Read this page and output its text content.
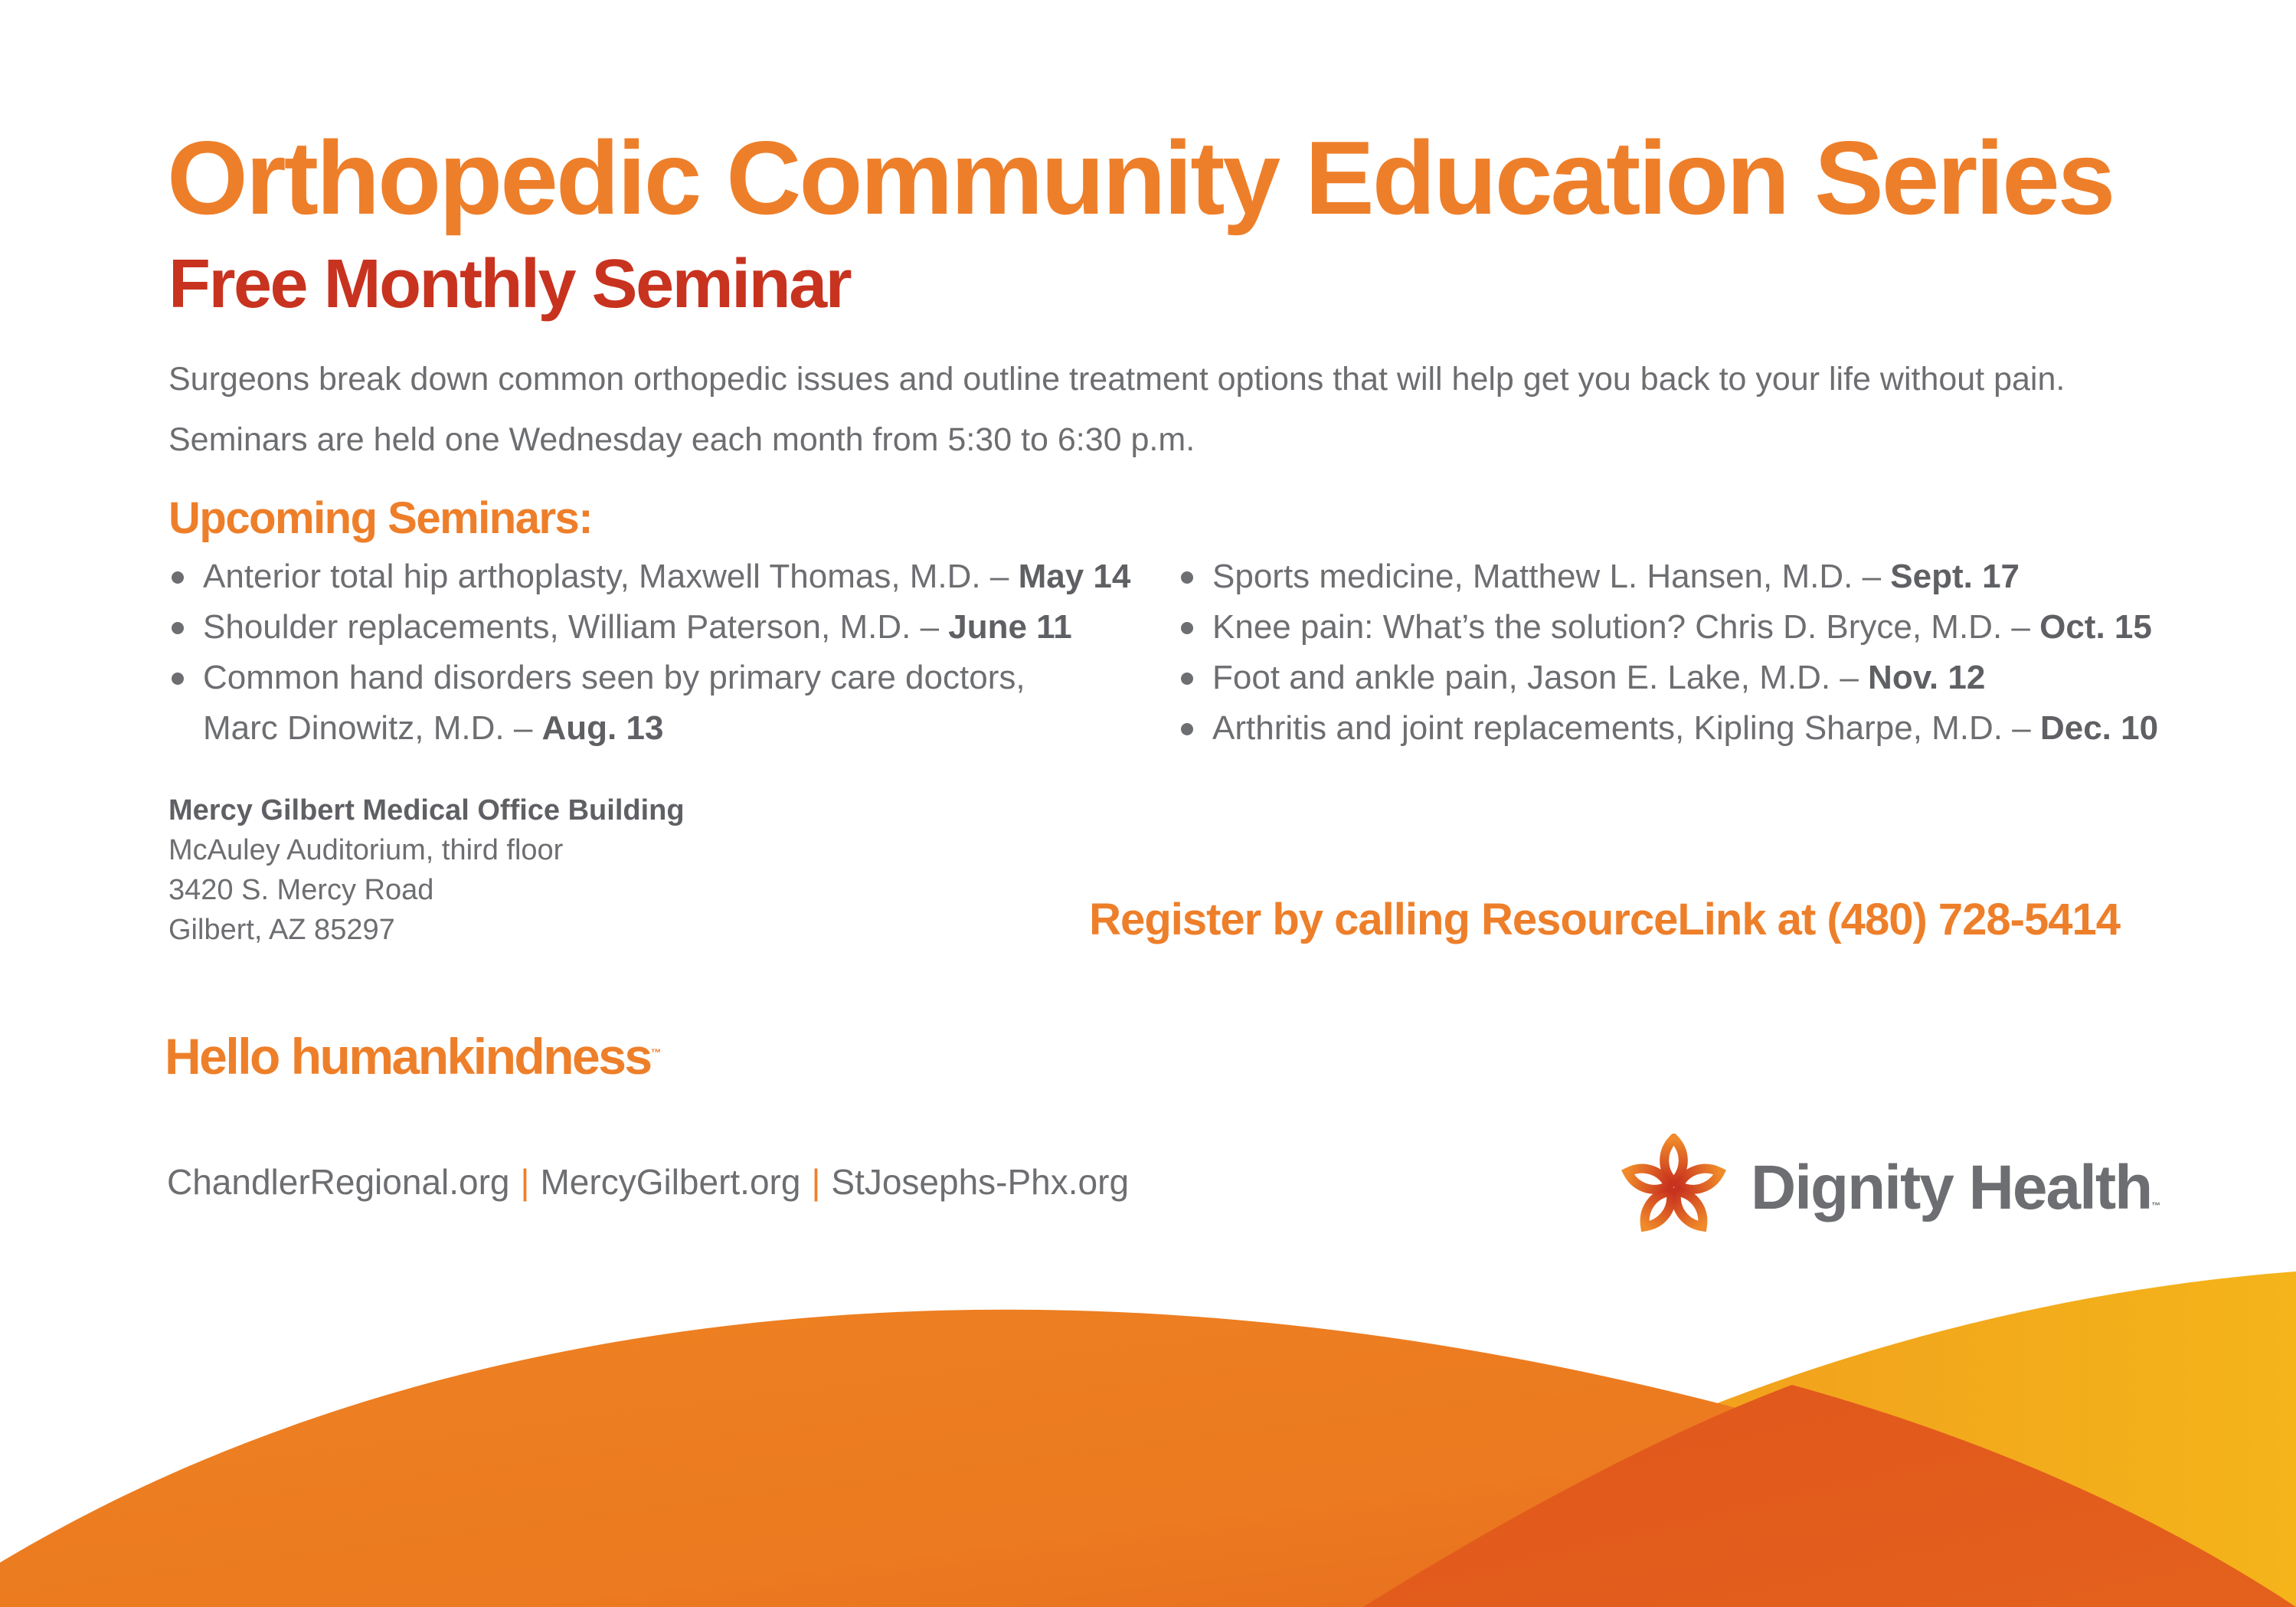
Orthopedic Community Education Series
Free Monthly Seminar
Surgeons break down common orthopedic issues and outline treatment options that will help get you back to your life without pain.
Seminars are held one Wednesday each month from 5:30 to 6:30 p.m.
Upcoming Seminars:
Anterior total hip arthoplasty, Maxwell Thomas, M.D. – May 14
Shoulder replacements, William Paterson, M.D. – June 11
Common hand disorders seen by primary care doctors,
Marc Dinowitz, M.D. – Aug. 13
Sports medicine, Matthew L. Hansen, M.D. – Sept. 17
Knee pain: What’s the solution? Chris D. Bryce, M.D. – Oct. 15
Foot and ankle pain, Jason E. Lake, M.D. – Nov. 12
Arthritis and joint replacements, Kipling Sharpe, M.D. – Dec. 10
Mercy Gilbert Medical Office Building
McAuley Auditorium, third floor
3420 S. Mercy Road
Gilbert, AZ 85297	Register by calling ResourceLink at (480) 728-5414

Hello humankindness™

ChandlerRegional.org | MercyGilbert.org | StJosephs-Phx.org	Dignity Health™
